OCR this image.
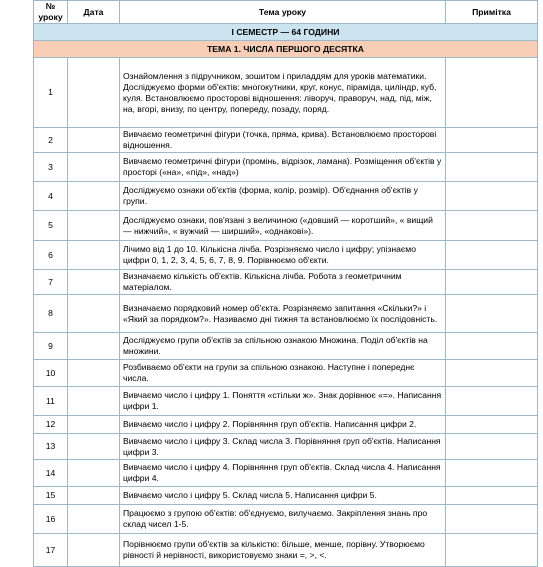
№ уроку	Дата	Тема уроку	Примітка
І СЕМЕСТР — 64 ГОДИНИ			
ТЕМА 1. ЧИСЛА ПЕРШОГО ДЕСЯТКА			
1		Ознайомлення з підручником, зошитом і приладдям для уроків математики. Досліджуємо форми об'єктів: многокутники, круг, конус, піраміда, циліндр, куб, куля. Встановлюємо просторові відношення: ліворуч, праворуч, над, під, між, на, вгорі, внизу, по центру, попереду, позаду, поряд.	
2		Вивчаємо геометричні фігури (точка, пряма, крива). Встановлюємо просторові відношення.	
3		Вивчаємо геометричні фігури (промінь, відрізок, ламана). Розміщення об'єктів у просторі («на», «під», «над»)	
4		Досліджуємо ознаки об'єктів (форма, колір, розмір). Об'єднання об'єктів у групи.	
5		Досліджуємо ознаки, пов'язані з величиною («довший — коротший», « вищий — нижчий», « вужчий — ширший», «однакові»).	
6		Лічимо від 1 до 10. Кількісна лічба. Розрізняємо число і цифру; упізнаємо цифри 0, 1, 2, 3, 4, 5, 6, 7, 8, 9. Порівнюємо об'єкти.	
7		Визначаємо кількість об'єктів. Кількісна лічба. Робота з геометричним матеріалом.	
8		Визначаємо порядковий номер об'єкта. Розрізняємо запитання «Скільки?» і «Який за порядком?». Називаємо дні тижня та встановлюємо їх послідовність.	
9		Досліджуємо групи об'єктів за спільною ознакою Множина. Поділ об'єктів на множини.	
10		Розбиваємо об'єкти на групи за спільною ознакою. Наступне і попереднє числа.	
11		Вивчаємо число і цифру 1. Поняття «стільки ж». Знак дорівнює «=». Написання цифри 1.	
12		Вивчаємо число і цифру 2. Порівняння груп об'єктів. Написання цифри 2.	
13		Вивчаємо число і цифру 3. Склад числа 3. Порівняння груп об'єктів. Написання цифри 3.	
14		Вивчаємо число і цифру 4. Порівняння груп об'єктів. Склад числа 4. Написання цифри 4.	
15		Вивчаємо число і цифру 5. Склад числа 5. Написання цифри 5.	
16		Працюємо з групою об'єктів: об'єднуємо, вилучаємо. Закріплення знань про склад чисел 1-5.	
17		Порівнюємо групи об'єктів за кількістю: більше, менше, порівну. Утворюємо рівності й нерівності, використовуємо знаки =, >, <.	
